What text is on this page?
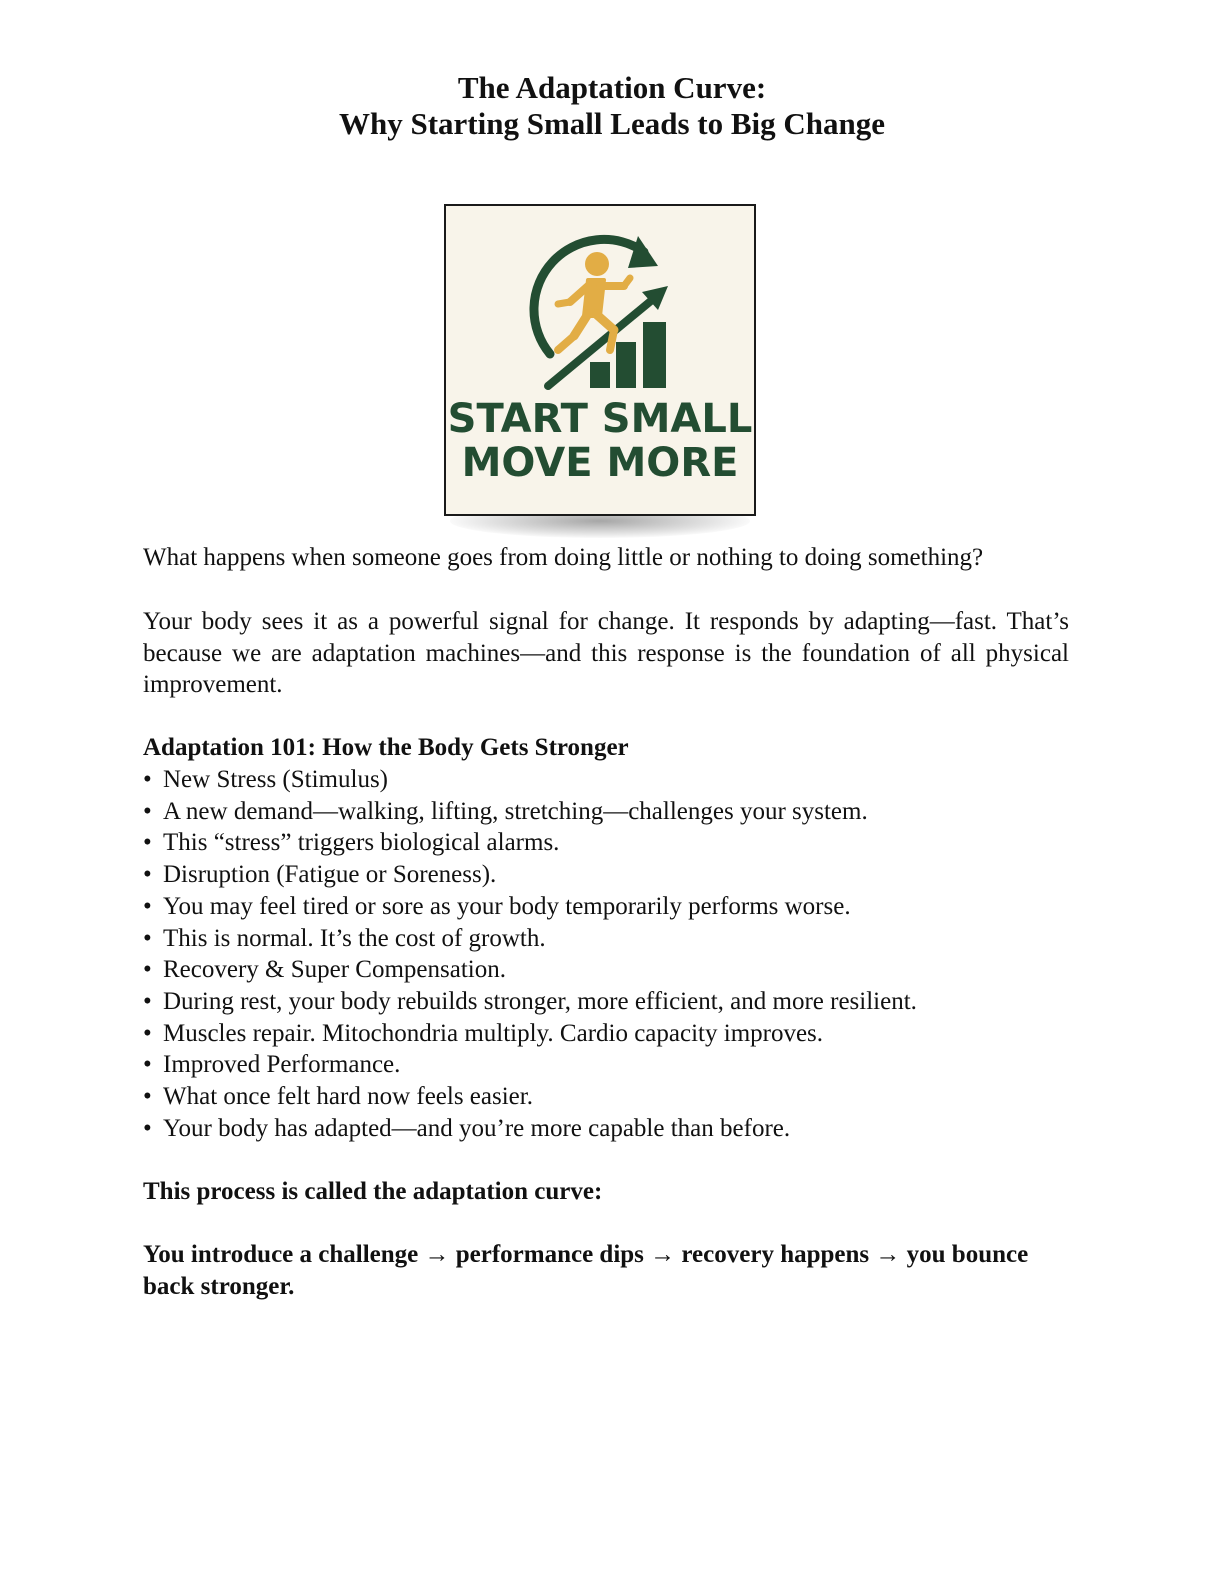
The Adaptation Curve:
Why Starting Small Leads to Big Change
START SMALL
MOVE MORE

What happens when someone goes from doing little or nothing to doing something?

Your body sees it as a powerful signal for change. It responds by adapting—fast. That’s because we are adaptation machines—and this response is the foundation of all physical improvement.

Adaptation 101: How the Body Gets Stronger

• New Stress (Stimulus)
• A new demand—walking, lifting, stretching—challenges your system.
• This “stress” triggers biological alarms.
• Disruption (Fatigue or Soreness).
• You may feel tired or sore as your body temporarily performs worse.
• This is normal. It’s the cost of growth.
• Recovery & Super Compensation.
• During rest, your body rebuilds stronger, more efficient, and more resilient.
• Muscles repair. Mitochondria multiply. Cardio capacity improves.
• Improved Performance.
• What once felt hard now feels easier.
• Your body has adapted—and you’re more capable than before.

This process is called the adaptation curve:

You introduce a challenge → performance dips → recovery happens → you bounce back stronger.
